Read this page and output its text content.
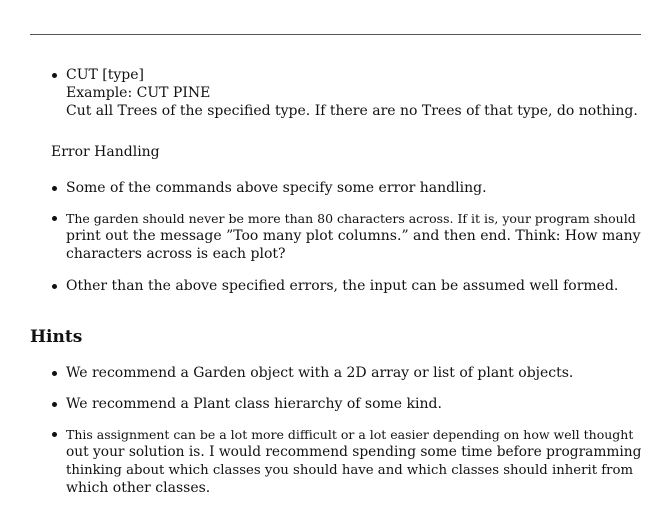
CUT [type]
Example: CUT PINE
Cut all Trees of the specified type. If there are no Trees of that type, do nothing.
Error Handling
Some of the commands above specify some error handling.
The garden should never be more than 80 characters across. If it is, your program should
print out the message ”Too many plot columns.” and then end. Think: How many
characters across is each plot?
Other than the above specified errors, the input can be assumed well formed.
Hints
We recommend a Garden object with a 2D array or list of plant objects.
We recommend a Plant class hierarchy of some kind.
This assignment can be a lot more difficult or a lot easier depending on how well thought
out your solution is. I would recommend spending some time before programming
thinking about which classes you should have and which classes should inherit from
which other classes.
